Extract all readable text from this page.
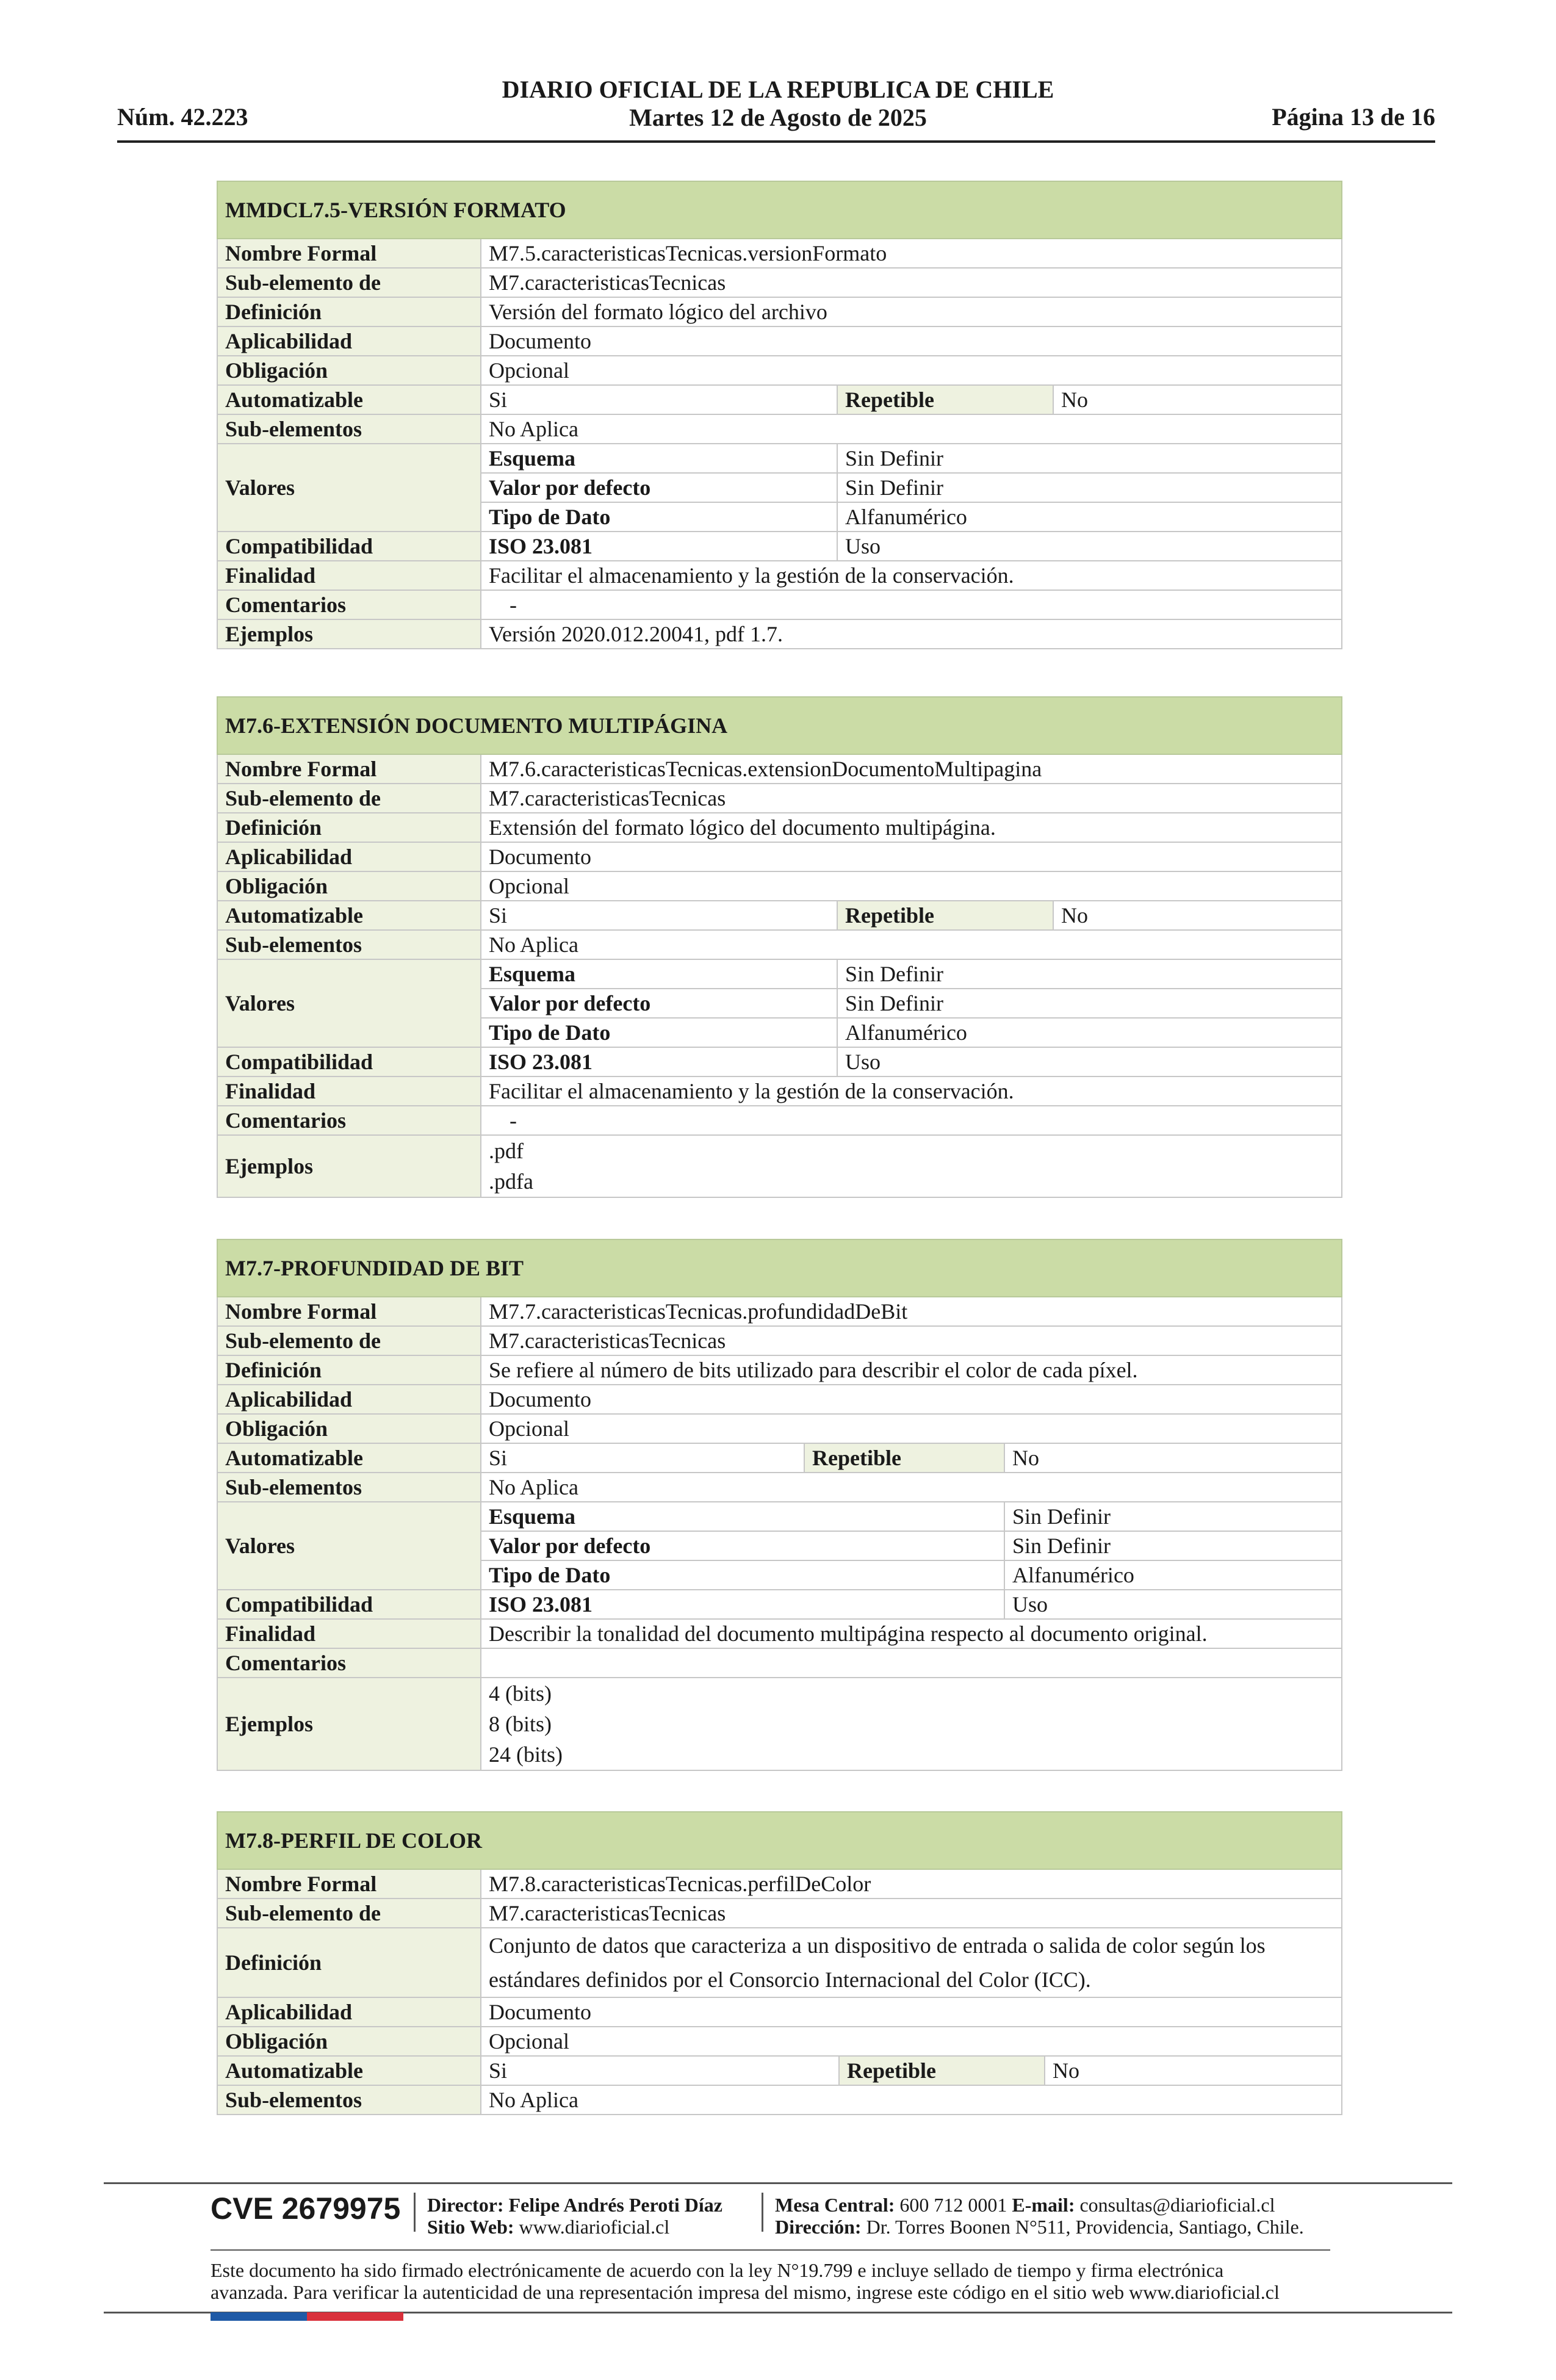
Núm. 42.223
DIARIO OFICIAL DE LA REPUBLICA DE CHILE
Martes 12 de Agosto de 2025	Página 13 de 16
MMDCL7.5-VERSIÓN FORMATO			
Nombre Formal	M7.5.caracteristicasTecnicas.versionFormato		
Sub-elemento de	M7.caracteristicasTecnicas		
Definición	Versión del formato lógico del archivo		
Aplicabilidad	Documento		
Obligación	Opcional		
Automatizable	Si	Repetible	No
Sub-elementos	No Aplica		
Valores	Esquema	Sin Definir	
	Valor por defecto	Sin Definir	
	Tipo de Dato	Alfanumérico	
Compatibilidad	ISO 23.081	Uso	
Finalidad	Facilitar el almacenamiento y la gestión de la conservación.		
Comentarios	-		
Ejemplos	Versión 2020.012.20041, pdf 1.7.		
M7.6-EXTENSIÓN DOCUMENTO MULTIPÁGINA			
Nombre Formal	M7.6.caracteristicasTecnicas.extensionDocumentoMultipagina		
Sub-elemento de	M7.caracteristicasTecnicas		
Definición	Extensión del formato lógico del documento multipágina.		
Aplicabilidad	Documento		
Obligación	Opcional		
Automatizable	Si	Repetible	No
Sub-elementos	No Aplica		
Valores	Esquema	Sin Definir	
	Valor por defecto	Sin Definir	
	Tipo de Dato	Alfanumérico	
Compatibilidad	ISO 23.081	Uso	
Finalidad	Facilitar el almacenamiento y la gestión de la conservación.		
Comentarios	-		
Ejemplos	.pdf
.pdfa		
M7.7-PROFUNDIDAD DE BIT			
Nombre Formal	M7.7.caracteristicasTecnicas.profundidadDeBit		
Sub-elemento de	M7.caracteristicasTecnicas		
Definición	Se refiere al número de bits utilizado para describir el color de cada píxel.		
Aplicabilidad	Documento		
Obligación	Opcional		
Automatizable	Si	Repetible	No
Sub-elementos	No Aplica		
Valores	Esquema		Sin Definir
	Valor por defecto		Sin Definir
	Tipo de Dato		Alfanumérico
Compatibilidad	ISO 23.081		Uso
Finalidad	Describir la tonalidad del documento multipágina respecto al documento original.		
Comentarios			
Ejemplos	4 (bits)
8 (bits)
24 (bits)		
M7.8-PERFIL DE COLOR			
Nombre Formal	M7.8.caracteristicasTecnicas.perfilDeColor		
Sub-elemento de	M7.caracteristicasTecnicas		
Definición	Conjunto de datos que caracteriza a un dispositivo de entrada o salida de color según los
estándares definidos por el Consorcio Internacional del Color (ICC).		

Aplicabilidad	Documento		
Obligación	Opcional		
Automatizable	Si	Repetible	No
Sub-elementos	No Aplica		
CVE 2679975 Director: Felipe Andrés Peroti Díaz
Sitio Web: www.diarioficial.cl
Mesa Central: 600 712 0001 E-mail: consultas@diarioficial.cl
Dirección: Dr. Torres Boonen N°511, Providencia, Santiago, Chile.
Este documento ha sido firmado electrónicamente de acuerdo con la ley N°19.799 e incluye sellado de tiempo y firma electrónica
avanzada. Para verificar la autenticidad de una representación impresa del mismo, ingrese este código en el sitio web www.diarioficial.cl
